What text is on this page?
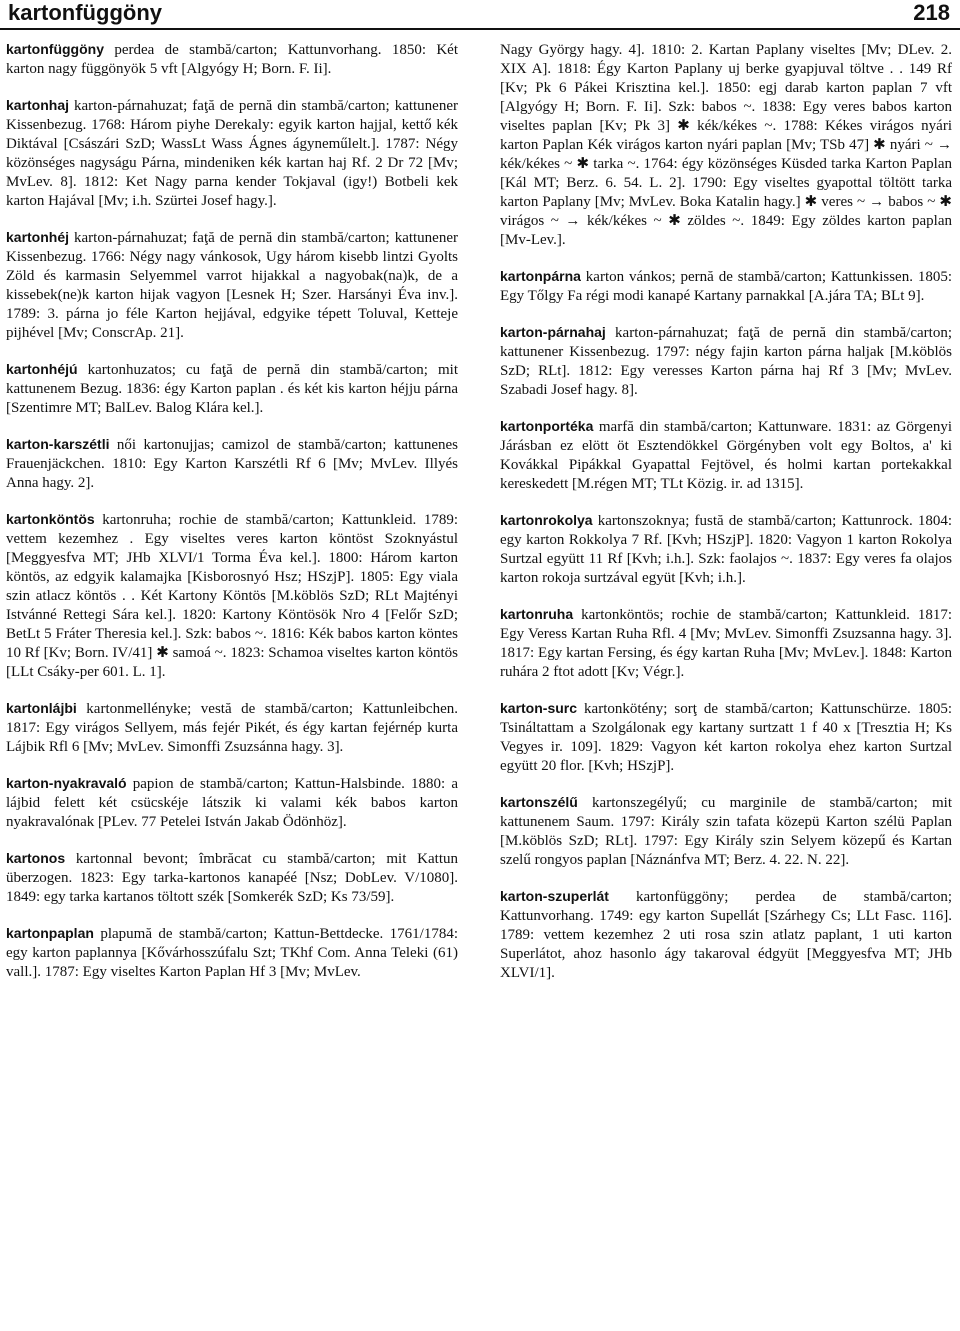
kartonfüggöny	218

kartonfüggöny perdea de stambă/carton; Kattunvorhang. 1850: Két karton nagy függönyök 5 vft [Algyógy H; Born. F. Ii].

kartonhaj karton-párnahuzat; faţă de pernă din stambă/carton; kattunener Kissenbezug. 1768: Három piyhe Derekaly: egyik karton hajjal, kettő kék Diktával [Császári SzD; WassLt Wass Ágnes ágyneműlelt.]. 1787: Négy közönséges nagyságu Párna, mindeniken kék kartan haj Rf. 2 Dr 72 [Mv; MvLev. 8]. 1812: Ket Nagy parna kender Tokjaval (igy!) Botbeli kek karton Hajával [Mv; i.h. Szürtei Josef hagy.].

kartonhéj karton-párnahuzat; faţă de pernă din stambă/carton; kattunener Kissenbezug. 1766: Négy nagy vánkosok, Ugy három kisebb lintzi Gyolts Zöld és karmasin Selyemmel varrot hijakkal a nagyobak(na)k, de a kissebek(ne)k karton hijak vagyon [Lesnek H; Szer. Harsányi Éva inv.]. 1789: 3. párna jo féle Karton hejjával, edgyike tépett Toluval, Ketteje pijhével [Mv; ConscrAp. 21].

kartonhéjú kartonhuzatos; cu faţă de pernă din stambă/carton; mit kattunenem Bezug. 1836: égy Karton paplan . és két kis karton héjju párna [Szentimre MT; BalLev. Balog Klára kel.].

karton-karszétli női kartonujjas; camizol de stambă/carton; kattunenes Frauenjäckchen. 1810: Egy Karton Karszétli Rf 6 [Mv; MvLev. Illyés Anna hagy. 2].

kartonköntös kartonruha; rochie de stambă/carton; Kattunkleid. 1789: vettem kezemhez . Egy viseltes veres karton köntöst Szoknyástul [Meggyesfva MT; JHb XLVI/1 Torma Éva kel.]. 1800: Három karton köntös, az edgyik kalamajka [Kisborosnyó Hsz; HSzjP]. 1805: Egy viala szin atlacz köntös . . Két Kartony Köntös [M.köblös SzD; RLt Majtényi Istvánné Rettegi Sára kel.]. 1820: Kartony Köntösök Nro 4 [Felőr SzD; BetLt 5 Fráter Theresia kel.]. Szk: babos ~. 1816: Kék babos karton köntes 10 Rf [Kv; Born. IV/41] ✱ samoá ~. 1823: Schamoa viseltes karton köntös [LLt Csáky-per 601. L. 1].

kartonlájbi kartonmellényke; vestă de stambă/carton; Kattunleibchen. 1817: Egy virágos Sellyem, más fejér Pikét, és égy kartan fejérnép kurta Lájbik Rfl 6 [Mv; MvLev. Simonffi Zsuzsánna hagy. 3].

karton-nyakravaló papion de stambă/carton; Kattun-Halsbinde. 1880: a lájbid felett két csücskéje látszik ki valami kék babos karton nyakravalónak [PLev. 77 Petelei István Jakab Ödönhöz].

kartonos kartonnal bevont; îmbrăcat cu stambă/carton; mit Kattun überzogen. 1823: Egy tarka-kartonos kanapéé [Nsz; DobLev. V/1080]. 1849: egy tarka kartanos töltott szék [Somkerék SzD; Ks 73/59].

kartonpaplan plapumă de stambă/carton; Kattun-Bettdecke. 1761/1784: egy karton paplannya [Kővárhosszúfalu Szt; TKhf Com. Anna Teleki (61) vall.]. 1787: Egy viseltes Karton Paplan Hf 3 [Mv; MvLev.

Nagy György hagy. 4]. 1810: 2. Kartan Paplany viseltes [Mv; DLev. 2. XIX A]. 1818: Égy Karton Paplany uj berke gyapjuval töltve . . 149 Rf [Kv; Pk 6 Pákei Krisztina kel.]. 1850: egj darab karton paplan 7 vft [Algyógy H; Born. F. Ii]. Szk: babos ~. 1838: Egy veres babos karton viseltes paplan [Kv; Pk 3] ✱ kék/kékes ~. 1788: Kékes virágos nyári karton Paplan Kék virágos karton nyári paplan [Mv; TSb 47] ✱ nyári ~ → kék/kékes ~ ✱ tarka ~. 1764: égy közönséges Küsded tarka Karton Paplan [Kál MT; Berz. 6. 54. L. 2]. 1790: Egy viseltes gyapottal töltött tarka karton Paplany [Mv; MvLev. Boka Katalin hagy.] ✱ veres ~ → babos ~ ✱ virágos ~ → kék/kékes ~ ✱ zöldes ~. 1849: Egy zöldes karton paplan [Mv-Lev.].

kartonpárna karton vánkos; pernă de stambă/carton; Kattunkissen. 1805: Egy Tőlgy Fa régi modi kanapé Kartany parnakkal [A.jára TA; BLt 9].

karton-párnahaj karton-párnahuzat; faţă de pernă din stambă/carton; kattunener Kissenbezug. 1797: négy fajin karton párna haljak [M.köblös SzD; RLt]. 1812: Egy veresses Karton párna haj Rf 3 [Mv; MvLev. Szabadi Josef hagy. 8].

kartonportéka marfă din stambă/carton; Kattunware. 1831: az Görgenyi Járásban ez elött öt Esztendökkel Görgényben volt egy Boltos, a' ki Kovákkal Pipákkal Gyapattal Fejtövel, és holmi kartan portekakkal kereskedett [M.régen MT; TLt Közig. ir. ad 1315].

kartonrokolya kartonszoknya; fustă de stambă/carton; Kattunrock. 1804: egy karton Rokkolya 7 Rf. [Kvh; HSzjP]. 1820: Vagyon 1 karton Rokolya Surtzal együtt 11 Rf [Kvh; i.h.]. Szk: faolajos ~. 1837: Egy veres fa olajos karton rokoja surtzával együt [Kvh; i.h.].

kartonruha kartonköntös; rochie de stambă/carton; Kattunkleid. 1817: Egy Veress Kartan Ruha Rfl. 4 [Mv; MvLev. Simonffi Zsuzsanna hagy. 3]. 1817: Egy kartan Fersing, és égy kartan Ruha [Mv; MvLev.]. 1848: Karton ruhára 2 ftot adott [Kv; Végr.].

karton-surc kartonkötény; sorţ de stambă/carton; Kattunschürze. 1805: Tsináltattam a Szolgálonak egy kartany surtzatt 1 f 40 x [Tresztia H; Ks Vegyes ir. 109]. 1829: Vagyon két karton rokolya ehez karton Surtzal együtt 20 flor. [Kvh; HSzjP].

kartonszélű kartonszegélyű; cu marginile de stambă/carton; mit kattunenem Saum. 1797: Király szin tafata közepü Karton szélü Paplan [M.köblös SzD; RLt]. 1797: Egy Király szin Selyem közepű és Kartan szelű rongyos paplan [Náznánfva MT; Berz. 4. 22. N. 22].

karton-szuperlát kartonfüggöny; perdea de stambă/carton; Kattunvorhang. 1749: egy karton Supellát [Szárhegy Cs; LLt Fasc. 116]. 1789: vettem kezemhez 2 uti rosa szin atlatz paplant, 1 uti karton Superlátot, ahoz hasonlo ágy takaroval édgyüt [Meggyesfva MT; JHb XLVI/1].
